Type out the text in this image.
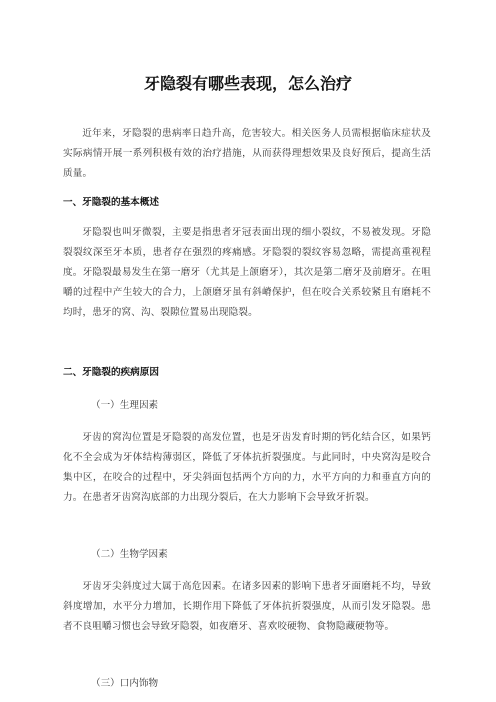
牙隐裂有哪些表现，怎么治疗
近年来，牙隐裂的患病率日趋升高，危害较大。相关医务人员需根据临床症状及实际病情开展一系列积极有效的治疗措施，从而获得理想效果及良好预后，提高生活质量。
一、牙隐裂的基本概述
牙隐裂也叫牙微裂，主要是指患者牙冠表面出现的细小裂纹，不易被发现。牙隐裂裂纹深至牙本质，患者存在强烈的疼痛感。牙隐裂的裂纹容易忽略，需提高重视程度。牙隐裂最易发生在第一磨牙（尤其是上颌磨牙），其次是第二磨牙及前磨牙。在咀嚼的过程中产生较大的合力，上颌磨牙虽有斜嵴保护，但在咬合关系较紧且有磨耗不均时，患牙的窝、沟、裂隙位置易出现隐裂。
二、牙隐裂的疾病原因
（一）生理因素
牙齿的窝沟位置是牙隐裂的高发位置，也是牙齿发育时期的钙化结合区，如果钙化不全会成为牙体结构薄弱区，降低了牙体抗折裂强度。与此同时，中央窝沟是咬合集中区，在咬合的过程中，牙尖斜面包括两个方向的力，水平方向的力和垂直方向的力。在患者牙齿窝沟底部的力出现分裂后，在大力影响下会导致牙折裂。
（二）生物学因素
牙齿牙尖斜度过大属于高危因素。在诸多因素的影响下患者牙面磨耗不均，导致斜度增加，水平分力增加，长期作用下降低了牙体抗折裂强度，从而引发牙隐裂。患者不良咀嚼习惯也会导致牙隐裂，如夜磨牙、喜欢咬硬物、食物隐藏硬物等。
（三）口内饰物
